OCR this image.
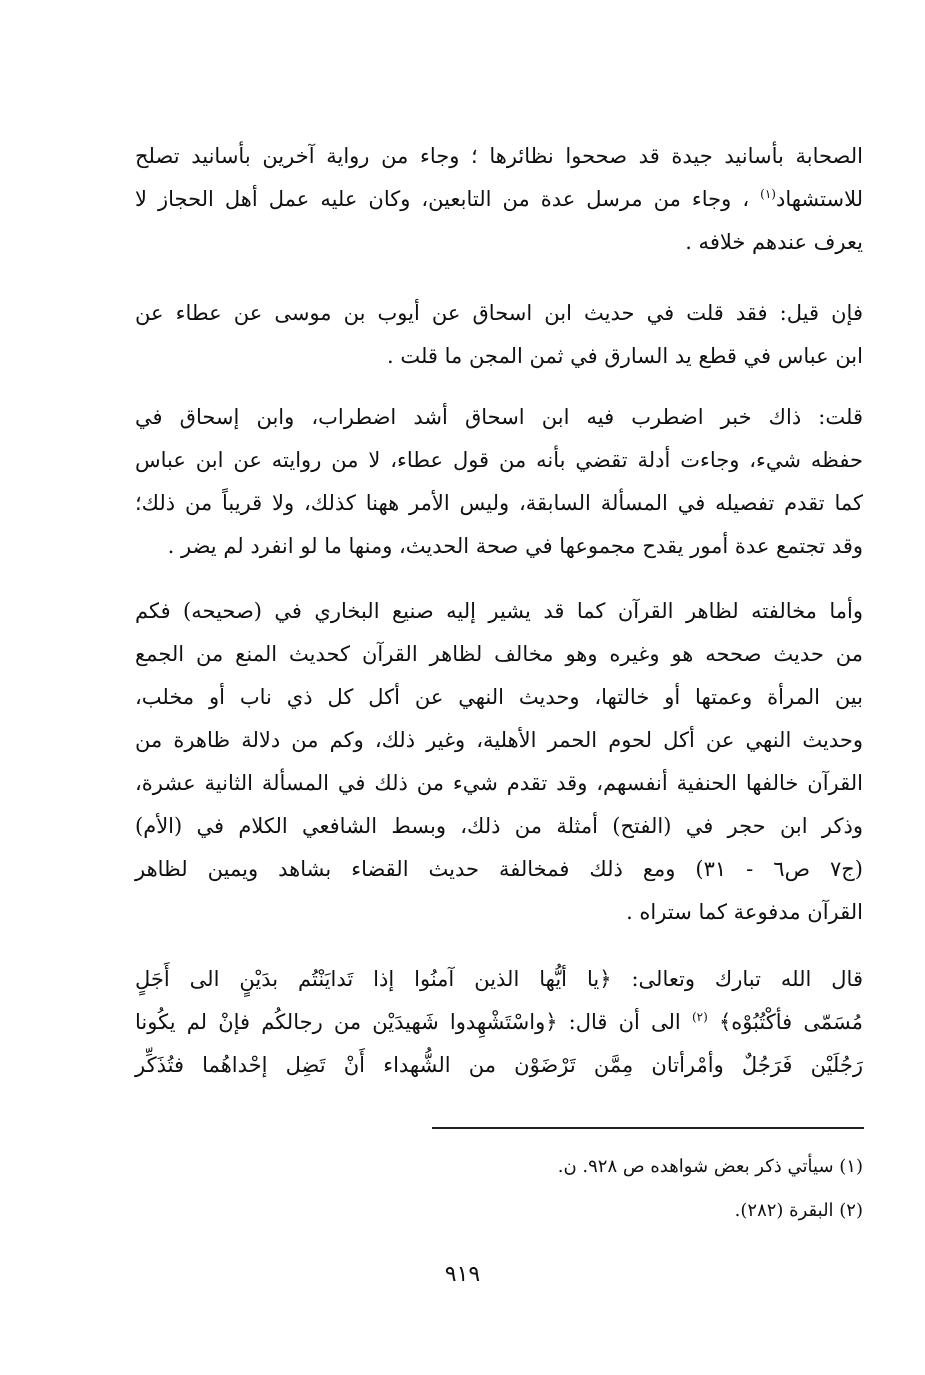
الصحابة بأسانيد جيدة قد صححوا نظائرها ؛ وجاء من رواية آخرين بأسانيد تصلح
للاستشهاد$^{(١)}$ ، وجاء من مرسل عدة من التابعين، وكان عليه عمل أهل الحجاز لا
يعرف عندهم خلافه .
فإن قيل: فقد قلت في حديث ابن اسحاق عن أيوب بن موسى عن عطاء عن
ابن عباس في قطع يد السارق في ثمن المجن ما قلت .
قلت: ذاك خبر اضطرب فيه ابن اسحاق أشد اضطراب، وابن إسحاق في
حفظه شيء، وجاءت أدلة تقضي بأنه من قول عطاء، لا من روايته عن ابن عباس
كما تقدم تفصيله في المسألة السابقة، وليس الأمر ههنا كذلك، ولا قريباً من ذلك؛
وقد تجتمع عدة أمور يقدح مجموعها في صحة الحديث، ومنها ما لو انفرد لم يضر .
وأما مخالفته لظاهر القرآن كما قد يشير إليه صنيع البخاري في (صحيحه) فكم
من حديث صححه هو وغيره وهو مخالف لظاهر القرآن كحديث المنع من الجمع
بين المرأة وعمتها أو خالتها، وحديث النهي عن أكل كل ذي ناب أو مخلب،
وحديث النهي عن أكل لحوم الحمر الأهلية، وغير ذلك، وكم من دلالة ظاهرة من
القرآن خالفها الحنفية أنفسهم، وقد تقدم شيء من ذلك في المسألة الثانية عشرة،
وذكر ابن حجر في (الفتح) أمثلة من ذلك، وبسط الشافعي الكلام في (الأم)
(ج٧ ص٦ - ٣١) ومع ذلك فمخالفة حديث القضاء بشاهد ويمين لظاهر
القرآن مدفوعة كما ستراه .
قال الله تبارك وتعالى: ﴿يا أيُّها الذين آمنُوا إذا تَدايَنْتُم بدَيْنٍ الى أَجَلٍ
مُسَمّى فأكْتُبُوْه﴾ $^{(٢)}$ الى أن قال: ﴿واسْتَشْهِدوا شَهيدَيْن من رجالكُم فإنْ لم يكُونا
رَجُلَيْن فَرَجُلٌ وأمْرأتان مِمَّن تَرْضَوْن من الشُّهداء أَنْ تَضِل إحْداهُما فتُذَكِّر
(١) سيأتي ذكر بعض شواهده ص ٩٢٨. ن.
(٢) البقرة (٢٨٢).
٩١٩
